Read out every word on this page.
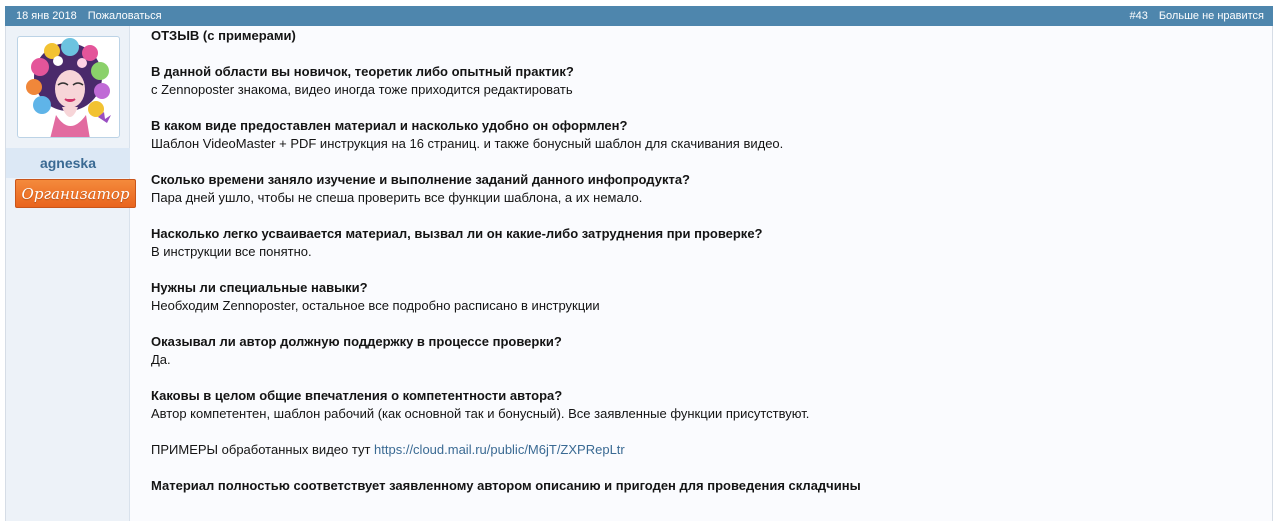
18 янв 2018 Пожаловаться	#43 Больше не нравится
agneska
Организатор
ОТЗЫВ (с примерами)
В данной области вы новичок, теоретик либо опытный практик?
с Zennoposter знакома, видео иногда тоже приходится редактировать
В каком виде предоставлен материал и насколько удобно он оформлен?
Шаблон VideoMaster + PDF инструкция на 16 страниц. и также бонусный шаблон для скачивания видео.
Сколько времени заняло изучение и выполнение заданий данного инфопродукта?
Пара дней ушло, чтобы не спеша проверить все функции шаблона, а их немало.
Насколько легко усваивается материал, вызвал ли он какие-либо затруднения при проверке?
В инструкции все понятно.
Нужны ли специальные навыки?
Необходим Zennoposter, остальное все подробно расписано в инструкции
Оказывал ли автор должную поддержку в процессе проверки?
Да.
Каковы в целом общие впечатления о компетентности автора?
Автор компетентен, шаблон рабочий (как основной так и бонусный). Все заявленные функции присутствуют.
ПРИМЕРЫ обработанных видео тут https://cloud.mail.ru/public/M6jT/ZXPRepLtr
Материал полностью соответствует заявленному автором описанию и пригоден для проведения складчины
